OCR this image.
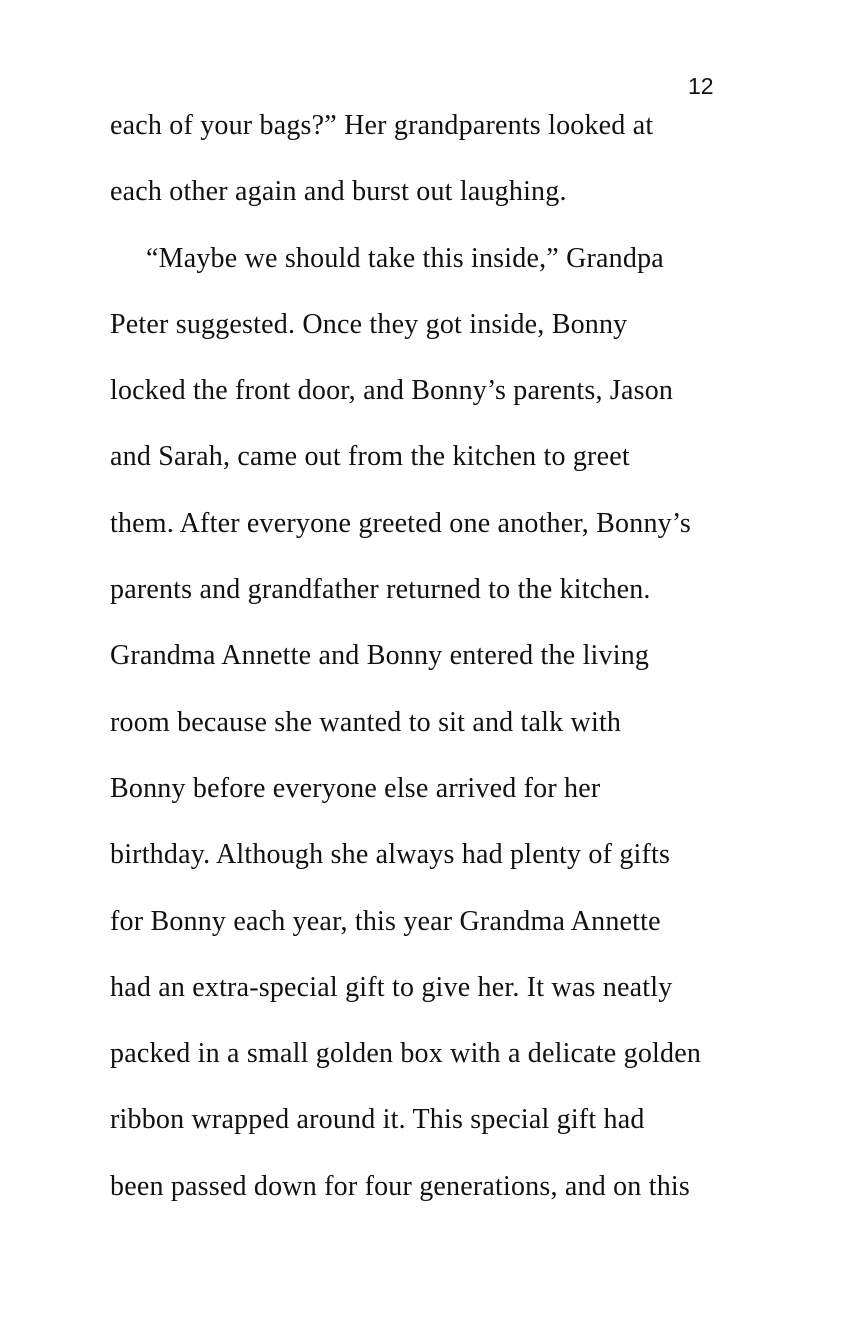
12
each of your bags?” Her grandparents looked at
each other again and burst out laughing.
“Maybe we should take this inside,” Grandpa
Peter suggested. Once they got inside, Bonny
locked the front door, and Bonny’s parents, Jason
and Sarah, came out from the kitchen to greet
them. After everyone greeted one another, Bonny’s
parents and grandfather returned to the kitchen.
Grandma Annette and Bonny entered the living
room because she wanted to sit and talk with
Bonny before everyone else arrived for her
birthday. Although she always had plenty of gifts
for Bonny each year, this year Grandma Annette
had an extra-special gift to give her. It was neatly
packed in a small golden box with a delicate golden
ribbon wrapped around it. This special gift had
been passed down for four generations, and on this
